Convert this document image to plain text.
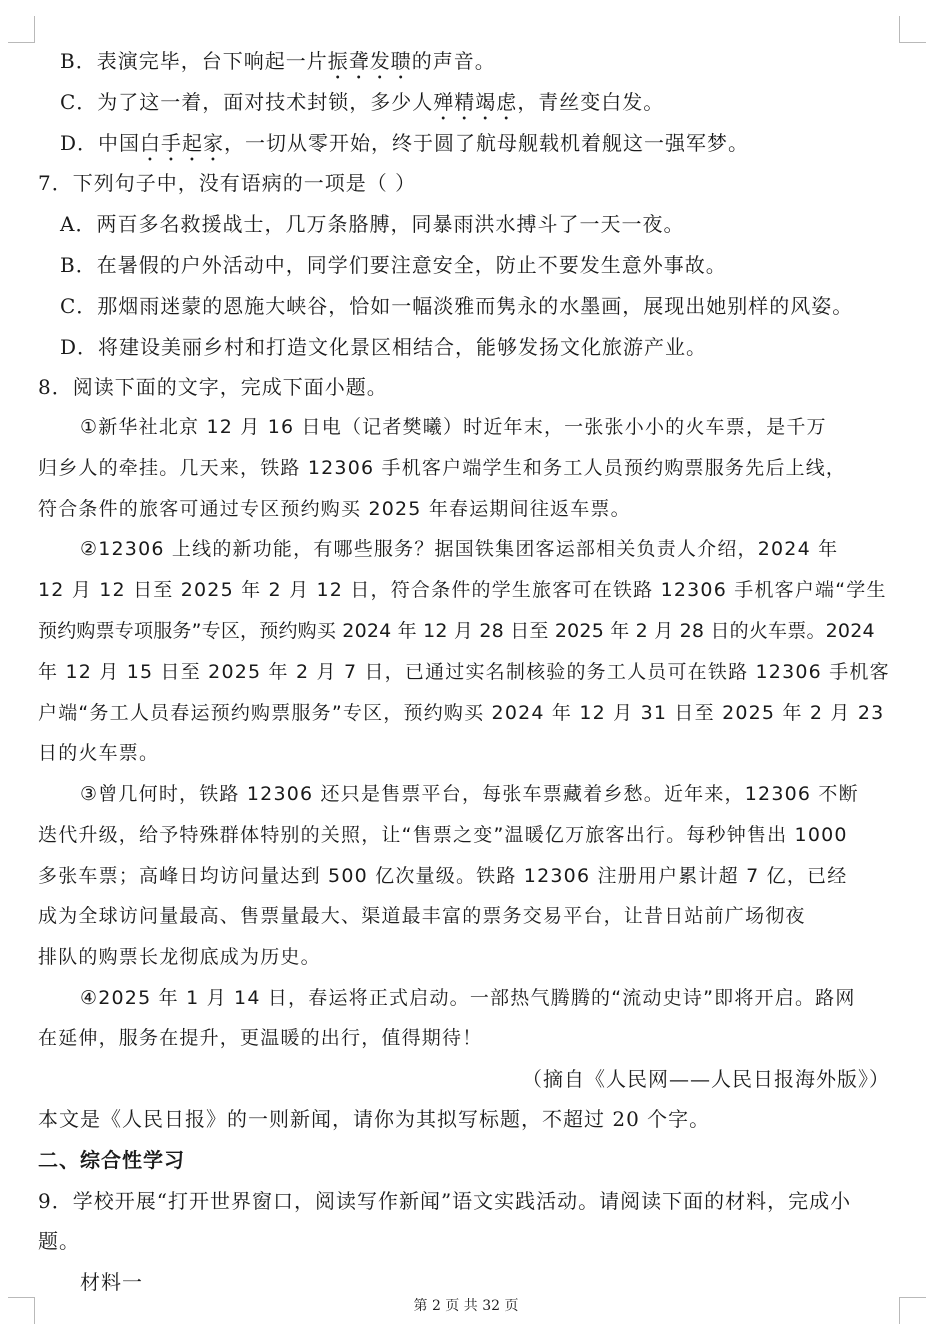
B．表演完毕，台下响起一片振聋发聩的声音。
C．为了这一着，面对技术封锁，多少人殚精竭虑，青丝变白发。
D．中国白手起家，一切从零开始，终于圆了航母舰载机着舰这一强军梦。
7．下列句子中，没有语病的一项是（ ）
A．两百多名救援战士，几万条胳膊，同暴雨洪水搏斗了一天一夜。
B．在暑假的户外活动中，同学们要注意安全，防止不要发生意外事故。
C．那烟雨迷蒙的恩施大峡谷，恰如一幅淡雅而隽永的水墨画，展现出她别样的风姿。
D．将建设美丽乡村和打造文化景区相结合，能够发扬文化旅游产业。
8．阅读下面的文字，完成下面小题。
①新华社北京 12 月 16 日电（记者樊曦）时近年末，一张张小小的火车票，是千万
归乡人的牵挂。几天来，铁路 12306 手机客户端学生和务工人员预约购票服务先后上线，
符合条件的旅客可通过专区预约购买 2025 年春运期间往返车票。
②12306 上线的新功能，有哪些服务？据国铁集团客运部相关负责人介绍，2024 年
12 月 12 日至 2025 年 2 月 12 日，符合条件的学生旅客可在铁路 12306 手机客户端“学生
预约购票专项服务”专区，预约购买 2024 年 12 月 28 日至 2025 年 2 月 28 日的火车票。2024
年 12 月 15 日至 2025 年 2 月 7 日，已通过实名制核验的务工人员可在铁路 12306 手机客
户端“务工人员春运预约购票服务”专区，预约购买 2024 年 12 月 31 日至 2025 年 2 月 23
日的火车票。
③曾几何时，铁路 12306 还只是售票平台，每张车票藏着乡愁。近年来，12306 不断
迭代升级，给予特殊群体特别的关照，让“售票之变”温暖亿万旅客出行。每秒钟售出 1000
多张车票；高峰日均访问量达到 500 亿次量级。铁路 12306 注册用户累计超 7 亿，已经
成为全球访问量最高、售票量最大、渠道最丰富的票务交易平台，让昔日站前广场彻夜
排队的购票长龙彻底成为历史。
④2025 年 1 月 14 日，春运将正式启动。一部热气腾腾的“流动史诗”即将开启。路网
在延伸，服务在提升，更温暖的出行，值得期待！
（摘自《人民网——人民日报海外版》）
本文是《人民日报》的一则新闻，请你为其拟写标题，不超过 20 个字。
二、综合性学习
9．学校开展“打开世界窗口，阅读写作新闻”语文实践活动。请阅读下面的材料，完成小
题。
材料一
第 2 页 共 32 页
